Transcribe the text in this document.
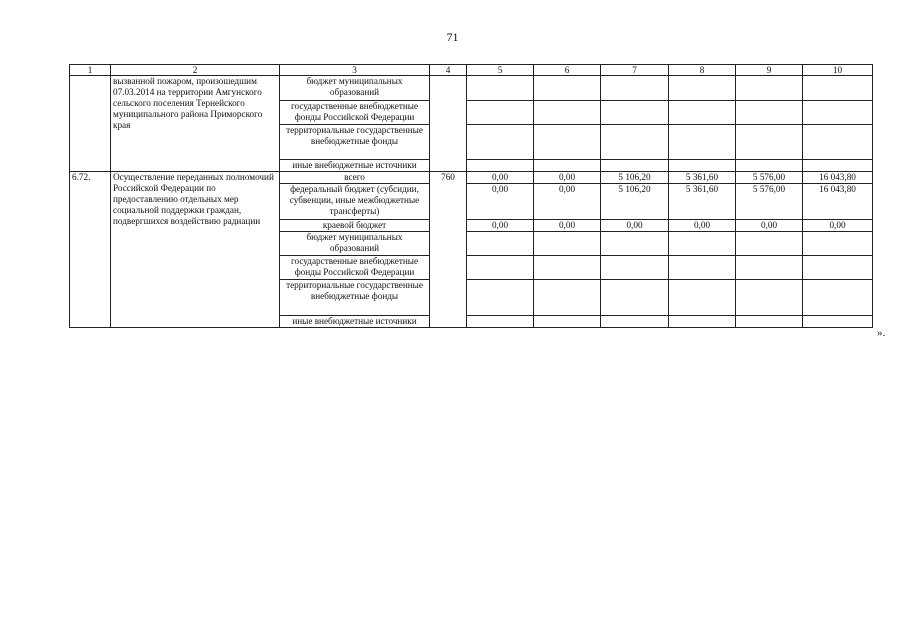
71
1	2	3	4	5	6	7	8	9	10
	вызванной пожаром, произошедшим 07.03.2014 на территории Амгунского сельского поселения Тернейского муниципального района Приморского края	бюджет муниципальных образований							
		государственные внебюджетные фонды Российской Федерации							
		территориальные государственные внебюджетные фонды							
		иные внебюджетные источники							
6.72.	Осуществление переданных полномочий Российской Федерации по предоставлению отдельных мер социальной поддержки граждан, подвергшихся воздействию радиации	всего	760	0,00	0,00	5 106,20	5 361,60	5 576,00	16 043,80
		федеральный бюджет (субсидии, субвенции, иные межбюджетные трансферты)		0,00	0,00	5 106,20	5 361,60	5 576,00	16 043,80
		краевой бюджет		0,00	0,00	0,00	0,00	0,00	0,00
		бюджет муниципальных образований							
		государственные внебюджетные фонды Российской Федерации							
		территориальные государственные внебюджетные фонды							
		иные внебюджетные источники							
».
